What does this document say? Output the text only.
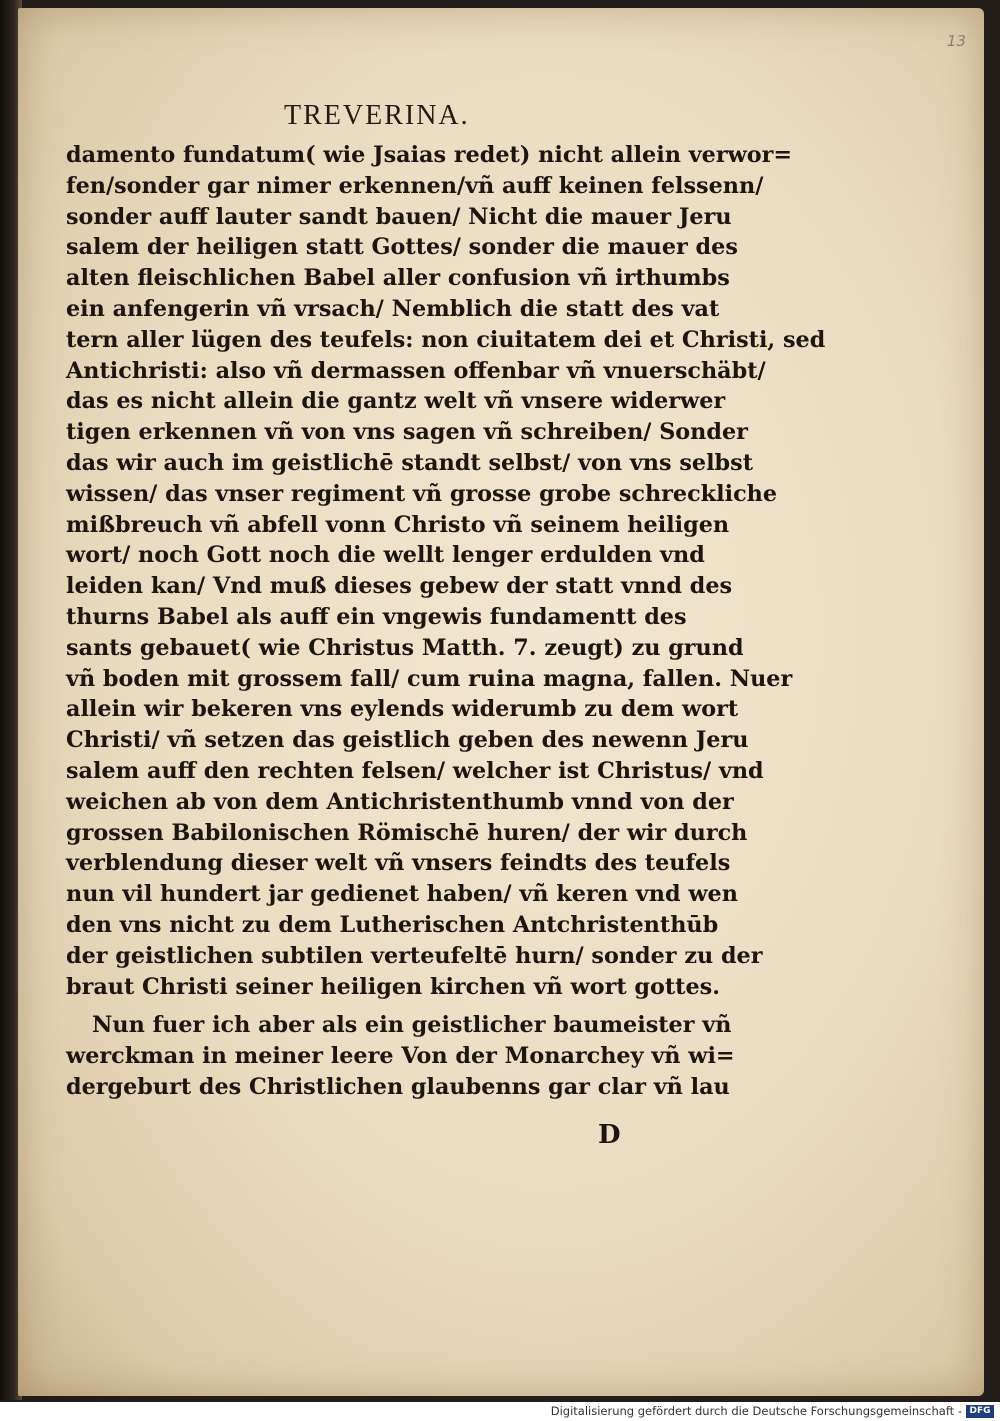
13
TREVERINA.
damento fundatum( wie Jsaias redet) nicht allein verwor=
fen/sonder gar nimer erkennen/vñ auff keinen felssenn/
sonder auff lauter sandt bauen/ Nicht die mauer Jeru
salem der heiligen statt Gottes/ sonder die mauer des
alten fleischlichen Babel aller confusion vñ irthumbs
ein anfengerin vñ vrsach/ Nemblich die statt des vat
tern aller lügen des teufels: non ciuitatem dei et Christi, sed
Antichristi: also vñ dermassen offenbar vñ vnuerschäbt/
das es nicht allein die gantz welt vñ vnsere widerwer
tigen erkennen vñ von vns sagen vñ schreiben/ Sonder
das wir auch im geistlichē standt selbst/ von vns selbst
wissen/ das vnser regiment vñ grosse grobe schreckliche
mißbreuch vñ abfell vonn Christo vñ seinem heiligen
wort/ noch Gott noch die wellt lenger erdulden vnd
leiden kan/ Vnd muß dieses gebew der statt vnnd des
thurns Babel als auff ein vngewis fundamentt des
sants gebauet( wie Christus Matth. 7. zeugt) zu grund
vñ boden mit grossem fall/ cum ruina magna, fallen. Nuer
allein wir bekeren vns eylends widerumb zu dem wort
Christi/ vñ setzen das geistlich geben des newenn Jeru
salem auff den rechten felsen/ welcher ist Christus/ vnd
weichen ab von dem Antichristenthumb vnnd von der
grossen Babilonischen Römischē huren/ der wir durch
verblendung dieser welt vñ vnsers feindts des teufels
nun vil hundert jar gedienet haben/ vñ keren vnd wen
den vns nicht zu dem Lutherischen Antchristenthūb
der geistlichen subtilen verteufeltē hurn/ sonder zu der
braut Christi seiner heiligen kirchen vñ wort gottes.
Nun fuer ich aber als ein geistlicher baumeister vñ
werckman in meiner leere Von der Monarchey vñ wi=
dergeburt des Christlichen glaubenns gar clar vñ lau
D
Digitalisierung gefördert durch die Deutsche Forschungsgemeinschaft - DFG
